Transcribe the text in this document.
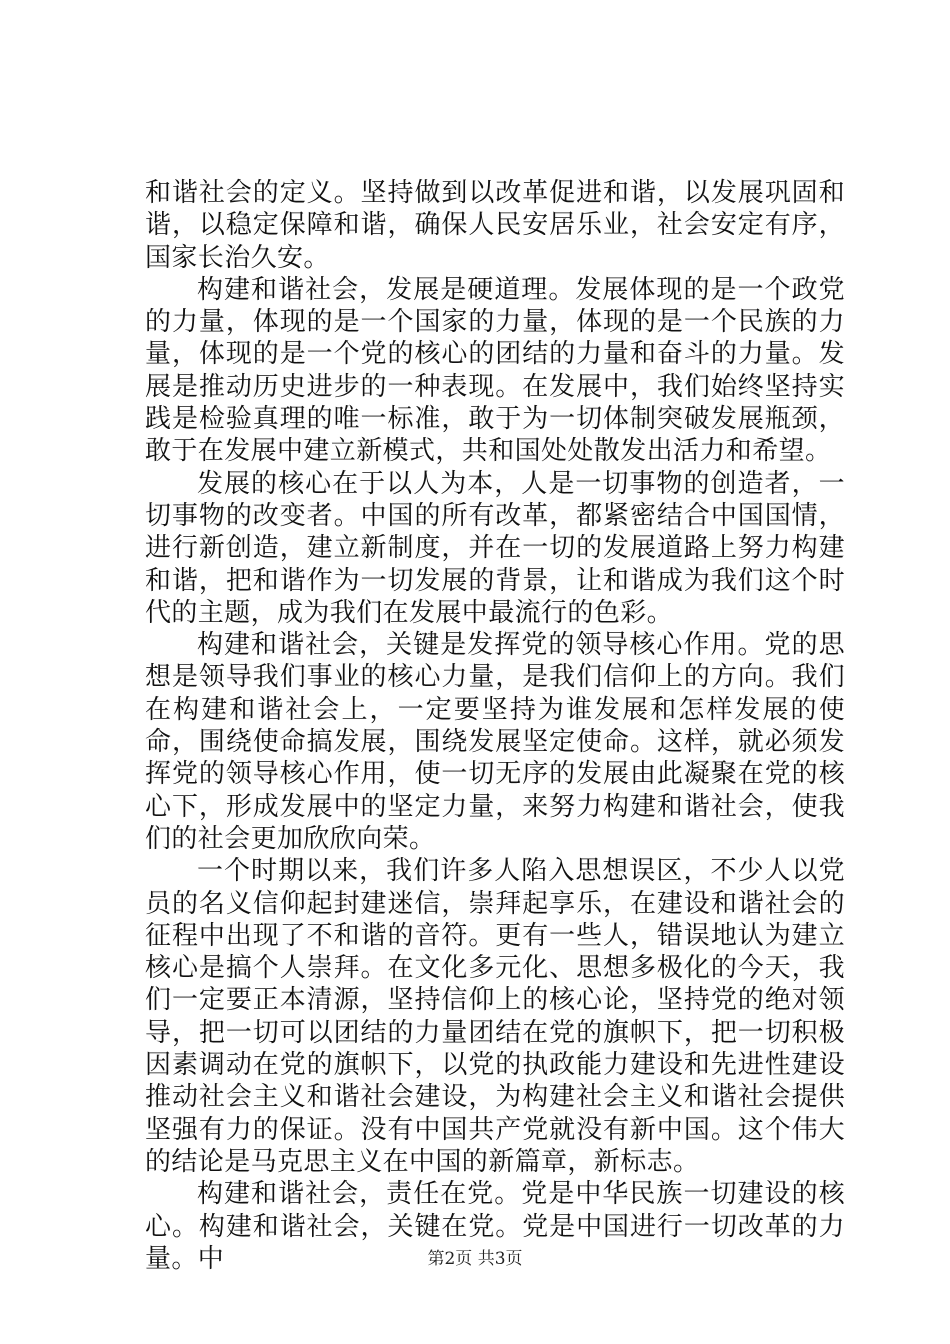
和谐社会的定义。坚持做到以改革促进和谐，以发展巩固和谐，以稳定保障和谐，确保人民安居乐业，社会安定有序，国家长治久安。

构建和谐社会，发展是硬道理。发展体现的是一个政党的力量，体现的是一个国家的力量，体现的是一个民族的力量，体现的是一个党的核心的团结的力量和奋斗的力量。发展是推动历史进步的一种表现。在发展中，我们始终坚持实践是检验真理的唯一标准，敢于为一切体制突破发展瓶颈，敢于在发展中建立新模式，共和国处处散发出活力和希望。

发展的核心在于以人为本，人是一切事物的创造者，一切事物的改变者。中国的所有改革，都紧密结合中国国情，进行新创造，建立新制度，并在一切的发展道路上努力构建和谐，把和谐作为一切发展的背景，让和谐成为我们这个时代的主题，成为我们在发展中最流行的色彩。

构建和谐社会，关键是发挥党的领导核心作用。党的思想是领导我们事业的核心力量，是我们信仰上的方向。我们在构建和谐社会上，一定要坚持为谁发展和怎样发展的使命，围绕使命搞发展，围绕发展坚定使命。这样，就必须发挥党的领导核心作用，使一切无序的发展由此凝聚在党的核心下，形成发展中的坚定力量，来努力构建和谐社会，使我们的社会更加欣欣向荣。

一个时期以来，我们许多人陷入思想误区，不少人以党员的名义信仰起封建迷信，崇拜起享乐，在建设和谐社会的征程中出现了不和谐的音符。更有一些人，错误地认为建立核心是搞个人崇拜。在文化多元化、思想多极化的今天，我们一定要正本清源，坚持信仰上的核心论，坚持党的绝对领导，把一切可以团结的力量团结在党的旗帜下，把一切积极因素调动在党的旗帜下，以党的执政能力建设和先进性建设推动社会主义和谐社会建设，为构建社会主义和谐社会提供坚强有力的保证。没有中国共产党就没有新中国。这个伟大的结论是马克思主义在中国的新篇章，新标志。

构建和谐社会，责任在党。党是中华民族一切建设的核心。构建和谐社会，关键在党。党是中国进行一切改革的力量。中	第2页 共3页
